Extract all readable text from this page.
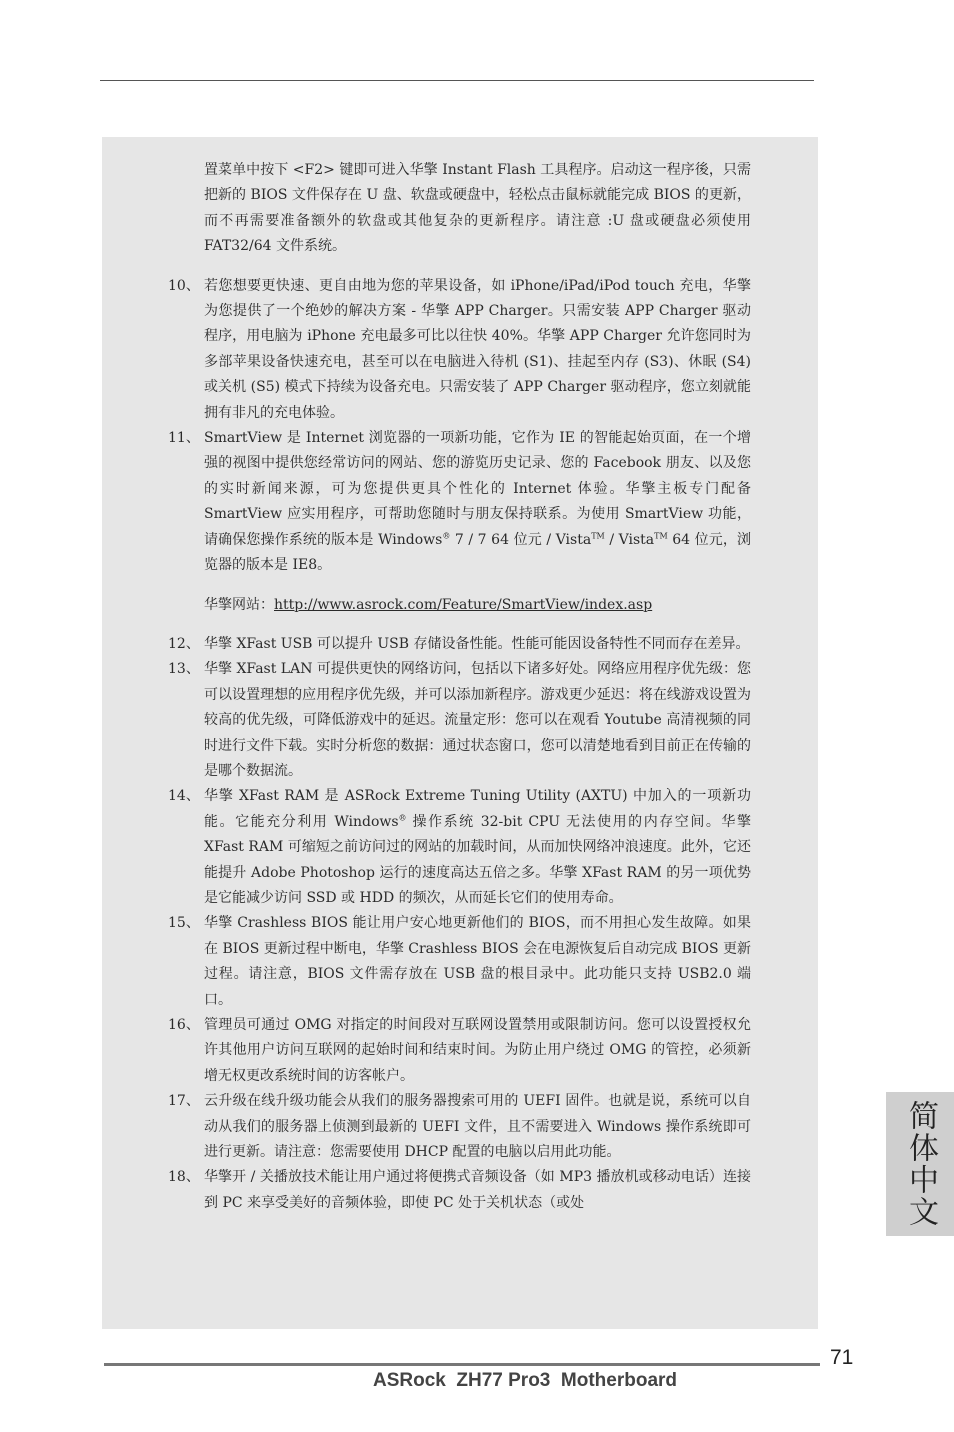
置菜单中按下 <F2> 键即可进入华擎 Instant Flash 工具程序。启动这一程序後，只需把新的 BIOS 文件保存在 U 盘、软盘或硬盘中，轻松点击鼠标就能完成 BIOS 的更新，而不再需要准备额外的软盘或其他复杂的更新程序。请注意 :U 盘或硬盘必须使用 FAT32/64 文件系统。

10、 若您想要更快速、更自由地为您的苹果设备，如 iPhone/iPad/iPod touch 充电，华擎为您提供了一个绝妙的解决方案 - 华擎 APP Charger。只需安装 APP Charger 驱动程序，用电脑为 iPhone 充电最多可比以往快 40%。华擎 APP Charger 允许您同时为多部苹果设备快速充电，甚至可以在电脑进入待机 (S1)、挂起至内存 (S3)、休眠 (S4) 或关机 (S5) 模式下持续为设备充电。只需安装了 APP Charger 驱动程序，您立刻就能拥有非凡的充电体验。
11、 SmartView 是 Internet 浏览器的一项新功能，它作为 IE 的智能起始页面，在一个增强的视图中提供您经常访问的网站、您的游览历史记录、您的 Facebook 朋友、以及您的实时新闻来源，可为您提供更具个性化的 Internet 体验。华擎主板专门配备 SmartView 应实用程序，可帮助您随时与朋友保持联系。为使用 SmartView 功能，请确保您操作系统的版本是 Windows® 7 / 7 64 位元 / Vista™ / Vista™ 64 位元，浏览器的版本是 IE8。

华擎网站：http://www.asrock.com/Feature/SmartView/index.asp

12、 华擎 XFast USB 可以提升 USB 存储设备性能。性能可能因设备特性不同而存在差异。
13、 华擎 XFast LAN 可提供更快的网络访问，包括以下诸多好处。网络应用程序优先级：您可以设置理想的应用程序优先级，并可以添加新程序。游戏更少延迟：将在线游戏设置为较高的优先级，可降低游戏中的延迟。流量定形：您可以在观看 Youtube 高清视频的同时进行文件下载。实时分析您的数据：通过状态窗口，您可以清楚地看到目前正在传输的是哪个数据流。
14、 华擎 XFast RAM 是 ASRock Extreme Tuning Utility (AXTU) 中加入的一项新功能。它能充分利用 Windows® 操作系统 32-bit CPU 无法使用的内存空间。华擎 XFast RAM 可缩短之前访问过的网站的加载时间，从而加快网络冲浪速度。此外，它还能提升 Adobe Photoshop 运行的速度高达五倍之多。华擎 XFast RAM 的另一项优势是它能减少访问 SSD 或 HDD 的频次，从而延长它们的使用寿命。
15、 华擎 Crashless BIOS 能让用户安心地更新他们的 BIOS，而不用担心发生故障。如果在 BIOS 更新过程中断电，华擎 Crashless BIOS 会在电源恢复后自动完成 BIOS 更新过程。请注意，BIOS 文件需存放在 USB 盘的根目录中。此功能只支持 USB2.0 端口。
16、 管理员可通过 OMG 对指定的时间段对互联网设置禁用或限制访问。您可以设置授权允许其他用户访问互联网的起始时间和结束时间。为防止用户绕过 OMG 的管控，必须新增无权更改系统时间的访客帐户。
17、 云升级在线升级功能会从我们的服务器搜索可用的 UEFI 固件。也就是说，系统可以自动从我们的服务器上侦测到最新的 UEFI 文件，且不需要进入 Windows 操作系统即可进行更新。请注意：您需要使用 DHCP 配置的电脑以启用此功能。
18、 华擎开 / 关播放技术能让用户通过将便携式音频设备（如 MP3 播放机或移动电话）连接到 PC 来享受美好的音频体验，即使 PC 处于关机状态（或处	简体中文
71
ASRock  ZH77 Pro3  Motherboard
